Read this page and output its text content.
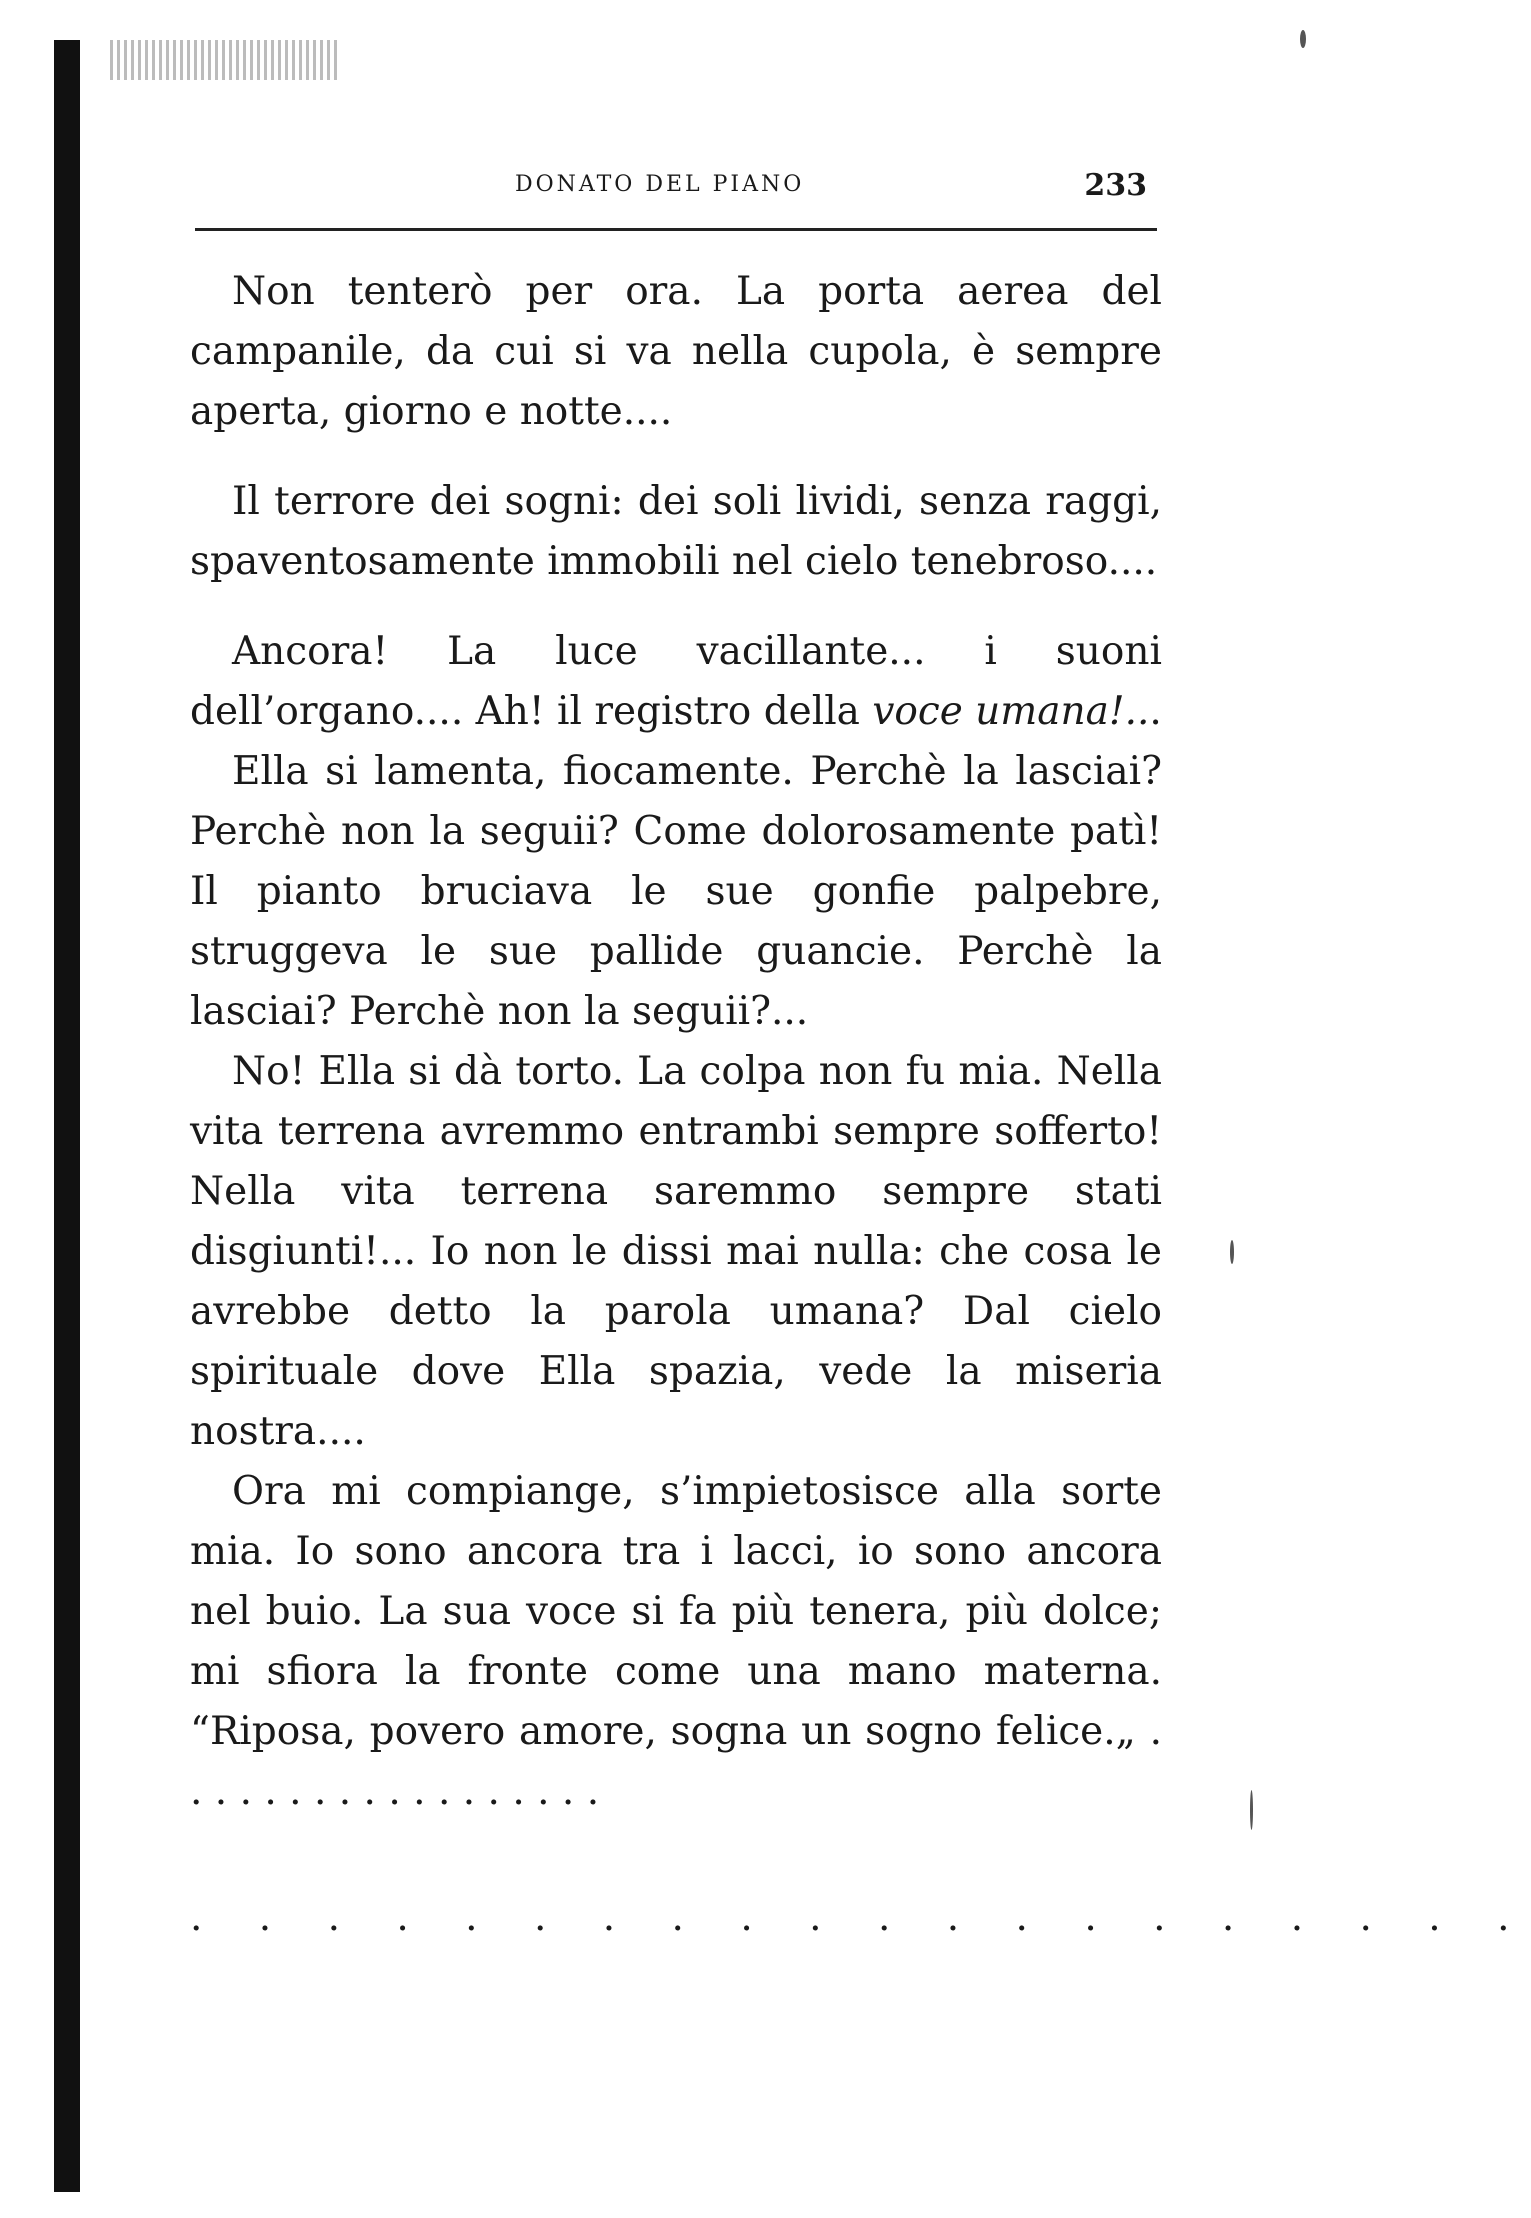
DONATO DEL PIANO	233

Non tenterò per ora. La porta aerea del campanile, da cui si va nella cupola, è sempre aperta, giorno e notte....

Il terrore dei sogni: dei soli lividi, senza raggi, spaventosamente immobili nel cielo tenebroso....

Ancora! La luce vacillante... i suoni dell’organo.... Ah! il registro della voce umana!...

Ella si lamenta, fiocamente. Perchè la lasciai? Perchè non la seguii? Come dolorosamente patì! Il pianto bruciava le sue gonfie palpebre, struggeva le sue pallide guancie. Perchè la lasciai? Perchè non la seguii?...

No! Ella si dà torto. La colpa non fu mia. Nella vita terrena avremmo entrambi sempre sofferto! Nella vita terrena saremmo sempre stati disgiunti!... Io non le dissi mai nulla: che cosa le avrebbe detto la parola umana? Dal cielo spirituale dove Ella spazia, vede la miseria nostra....

Ora mi compiange, s’impietosisce alla sorte mia. Io sono ancora tra i lacci, io sono ancora nel buio. La sua voce si fa più tenera, più dolce; mi sfiora la fronte come una mano materna. “Riposa, povero amore, sogna un sogno felice.„ . . . . . . . . . . . . . . . . . .

. . . . . . . . . . . . . . . . . . . .
